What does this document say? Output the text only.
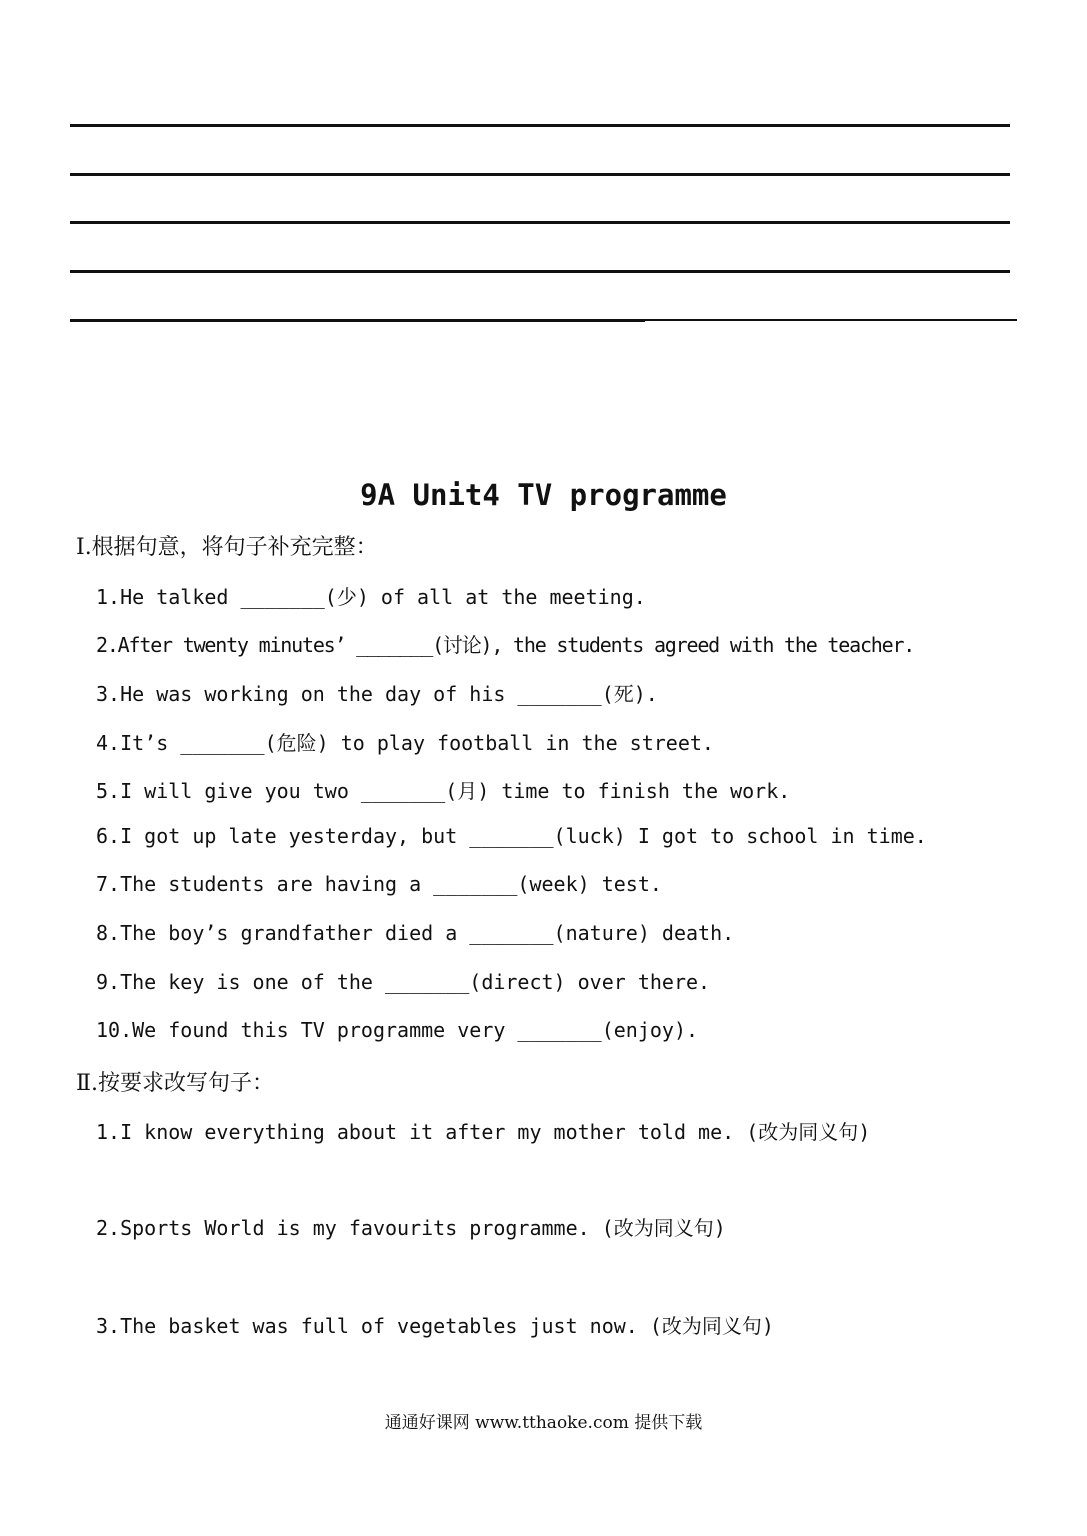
9A Unit4 TV programme
Ⅰ.根据句意，将句子补充完整：
1.He talked _______(少) of all at the meeting.
2.After twenty minutes’ _______(讨论), the students agreed with the teacher.
3.He was working on the day of his _______(死).
4.It’s _______(危险) to play football in the street.
5.I will give you two _______(月) time to finish the work.
6.I got up late yesterday, but _______(luck) I got to school in time.
7.The students are having a _______(week) test.
8.The boy’s grandfather died a _______(nature) death.
9.The key is one of the _______(direct) over there.
10.We found this TV programme very _______(enjoy).
Ⅱ.按要求改写句子：
1.I know everything about it after my mother told me. (改为同义句)
2.Sports World is my favourits programme. (改为同义句)
3.The basket was full of vegetables just now. (改为同义句)
通通好课网 www.tthaoke.com 提供下载
